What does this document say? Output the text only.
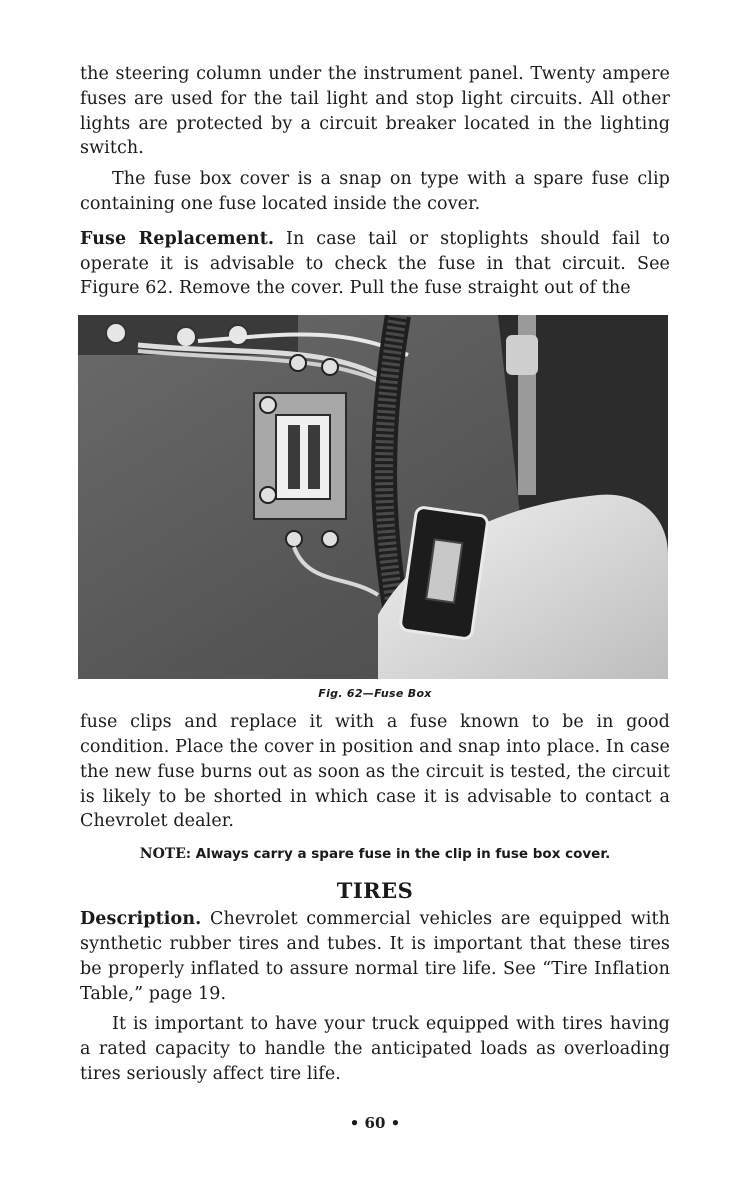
the steering column under the instrument panel. Twenty ampere fuses are used for the tail light and stop light circuits. All other lights are protected by a circuit breaker located in the lighting switch.

The fuse box cover is a snap on type with a spare fuse clip containing one fuse located inside the cover.

Fuse Replacement. In case tail or stoplights should fail to operate it is advisable to check the fuse in that circuit. See Figure 62. Remove the cover. Pull the fuse straight out of the

Fig. 62—Fuse Box

fuse clips and replace it with a fuse known to be in good condition. Place the cover in position and snap into place. In case the new fuse burns out as soon as the circuit is tested, the circuit is likely to be shorted in which case it is advisable to contact a Chevrolet dealer.

NOTE: Always carry a spare fuse in the clip in fuse box cover.
TIRES

Description. Chevrolet commercial vehicles are equipped with synthetic rubber tires and tubes. It is important that these tires be properly inflated to assure normal tire life. See “Tire Inflation Table,” page 19.

It is important to have your truck equipped with tires having a rated capacity to handle the anticipated loads as overloading tires seriously affect tire life.

• 60 •
